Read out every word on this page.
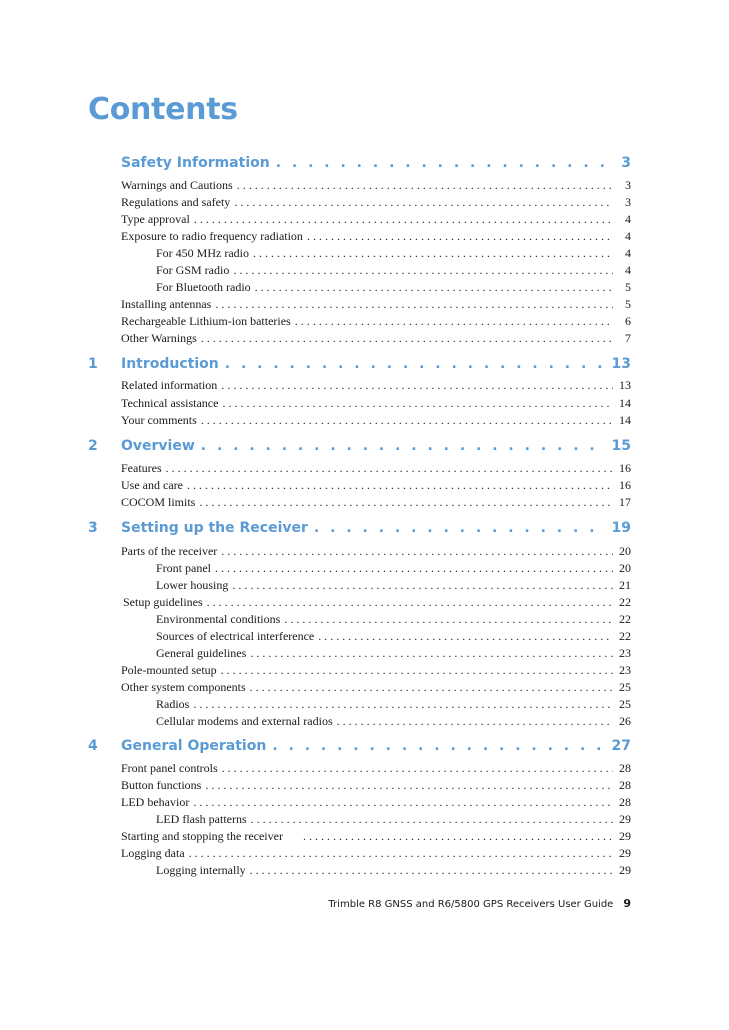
Contents
Safety Information . . .	3
Warnings and Cautions . . .	3
Regulations and safety . . .	3
Type approval . . .	4
Exposure to radio frequency radiation . . .	4
For 450 MHz radio . . .	4
For GSM radio . . .	4
For Bluetooth radio . . .	5
Installing antennas . . .	5
Rechargeable Lithium-ion batteries . . .	6
Other Warnings . . .	7
1	Introduction . . .	13
Related information . . .	13
Technical assistance . . .	14
Your comments . . .	14
2	Overview . . .	15
Features . . .	16
Use and care . . .	16
COCOM limits . . .	17
3	Setting up the Receiver . . .	19
Parts of the receiver . . .	20
Front panel . . .	20
Lower housing . . .	21
Setup guidelines . . .	22
Environmental conditions . . .	22
Sources of electrical interference . . .	22
General guidelines . . .	23
Pole-mounted setup . . .	23
Other system components . . .	25
Radios . . .	25
Cellular modems and external radios . . .	26
4	General Operation . . .	27
Front panel controls . . .	28
Button functions . . .	28
LED behavior . . .	28
LED flash patterns . . .	29
Starting and stopping the receiver . . .	29
Logging data . . .	29
Logging internally . . .	29
Trimble R8 GNSS and R6/5800 GPS Receivers User Guide 9
